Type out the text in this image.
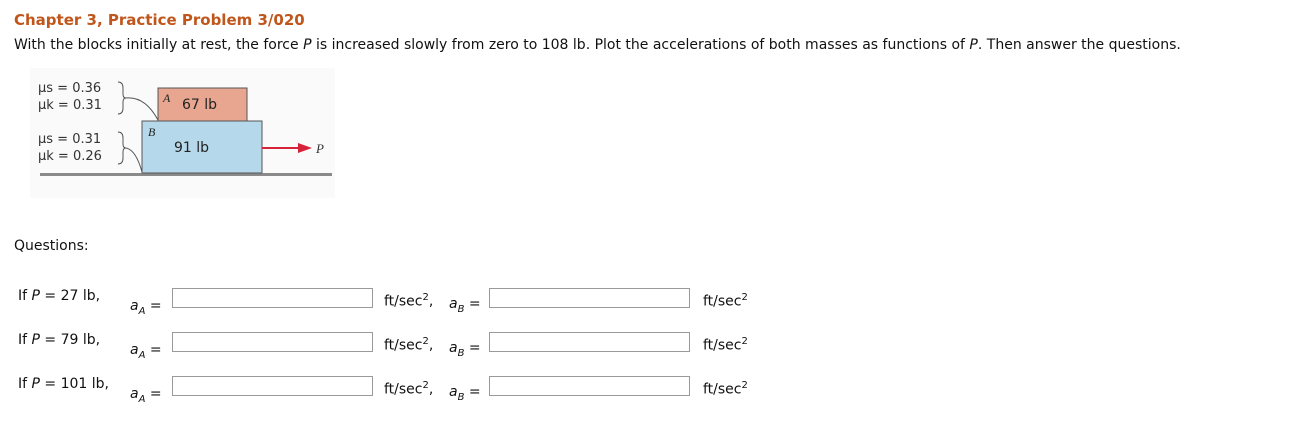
Chapter 3, Practice Problem 3/020
With the blocks initially at rest, the force P is increased slowly from zero to 108 lb. Plot the accelerations of both masses as functions of P. Then answer the questions.
A 67 lb
B
91 lb
μs = 0.36
μk = 0.31
μs = 0.31
μk = 0.26
P
Questions:
If P = 27 lb,
$a_A$ =	$ft/\sec^2$, $a_B$ =	$ft/\sec^2$
If P = 79 lb,
$a_A$ =	$ft/\sec^2$, $a_B$ =	$ft/\sec^2$
If P = 101 lb,
$a_A$ =	$ft/\sec^2$, $a_B$ =	$ft/\sec^2$
